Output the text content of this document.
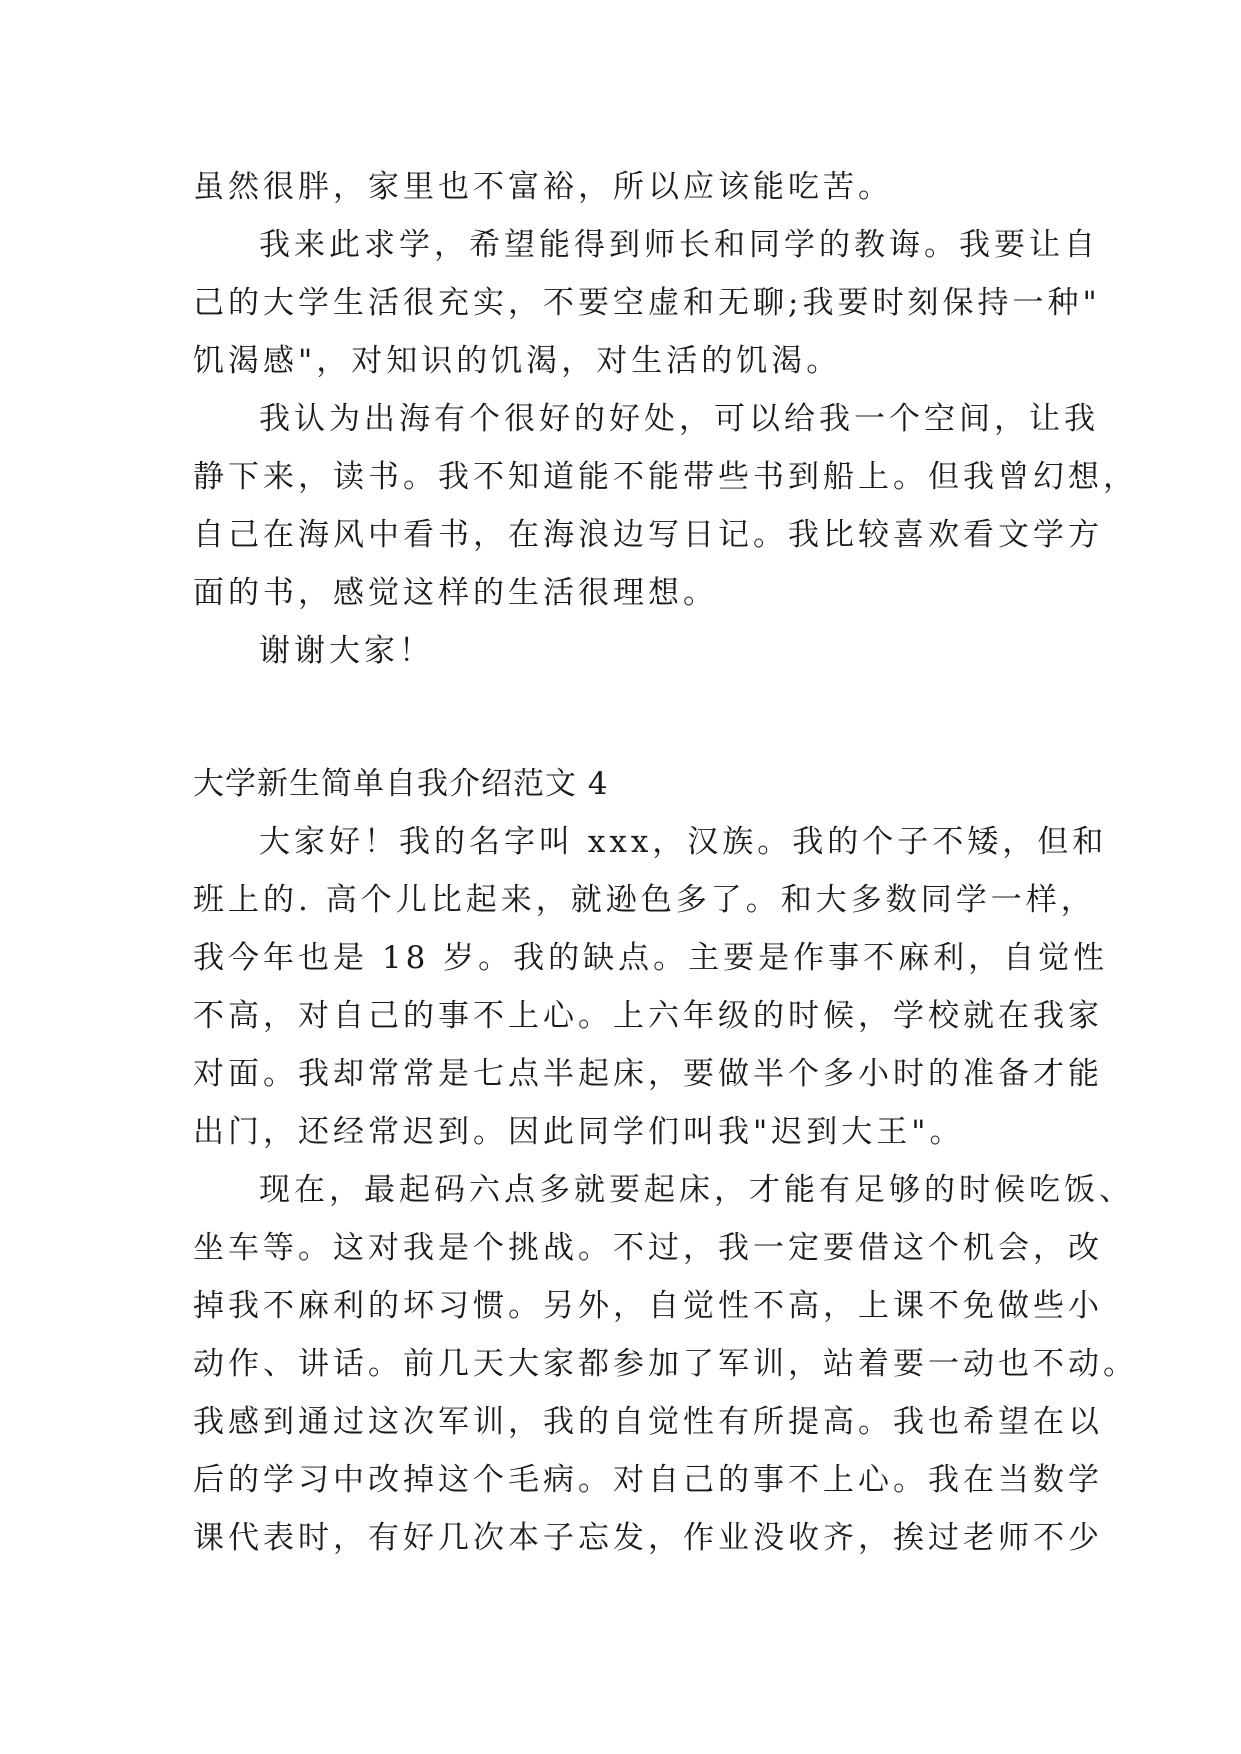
虽然很胖，家里也不富裕，所以应该能吃苦。
我来此求学，希望能得到师长和同学的教诲。我要让自
己的大学生活很充实，不要空虚和无聊;我要时刻保持一种"
饥渴感"，对知识的饥渴，对生活的饥渴。
我认为出海有个很好的好处，可以给我一个空间，让我
静下来，读书。我不知道能不能带些书到船上。但我曾幻想，
自己在海风中看书，在海浪边写日记。我比较喜欢看文学方
面的书，感觉这样的生活很理想。
谢谢大家！
大学新生简单自我介绍范文 4
大家好！我的名字叫 xxx，汉族。我的个子不矮，但和
班上的. 高个儿比起来，就逊色多了。和大多数同学一样，
我今年也是 18 岁。我的缺点。主要是作事不麻利，自觉性
不高，对自己的事不上心。上六年级的时候，学校就在我家
对面。我却常常是七点半起床，要做半个多小时的准备才能
出门，还经常迟到。因此同学们叫我"迟到大王"。
现在，最起码六点多就要起床，才能有足够的时候吃饭、
坐车等。这对我是个挑战。不过，我一定要借这个机会，改
掉我不麻利的坏习惯。另外，自觉性不高，上课不免做些小
动作、讲话。前几天大家都参加了军训，站着要一动也不动。
我感到通过这次军训，我的自觉性有所提高。我也希望在以
后的学习中改掉这个毛病。对自己的事不上心。我在当数学
课代表时，有好几次本子忘发，作业没收齐，挨过老师不少
